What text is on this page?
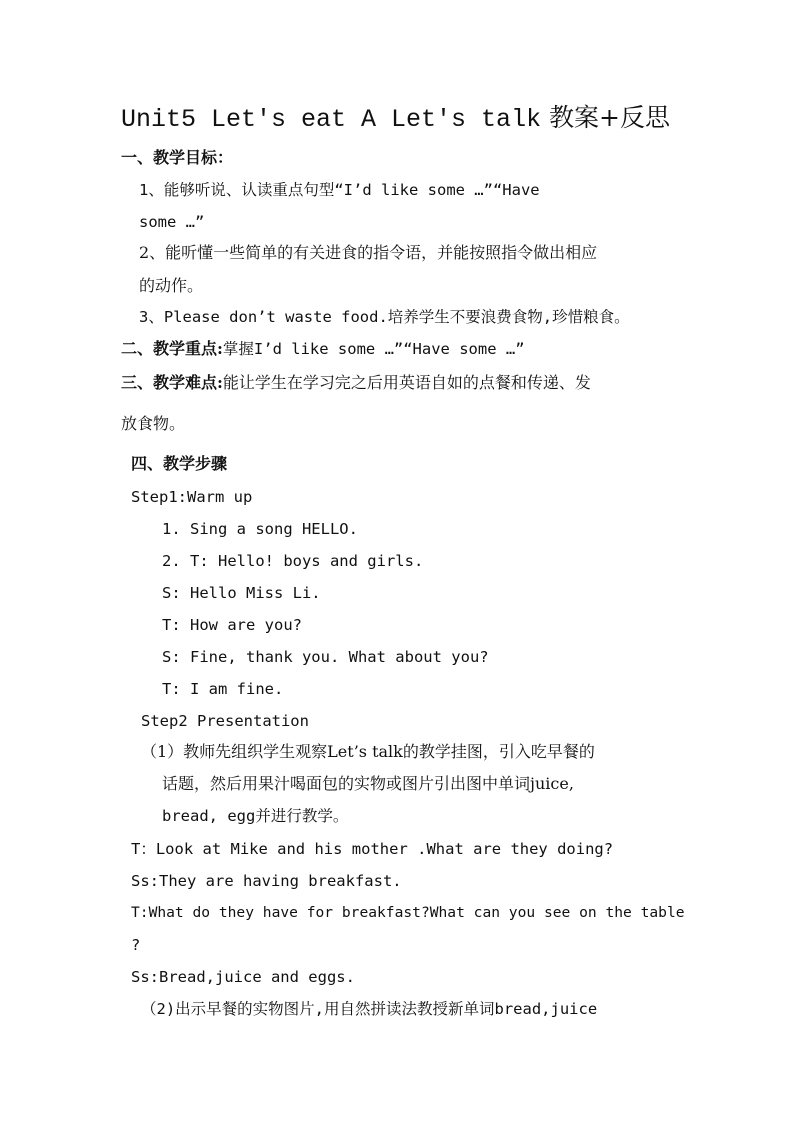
Unit5 Let's eat A Let's talk 教案+反思
一、教学目标：
1、能够听说、认读重点句型“I’d like some …”“Have
some …”
2、能听懂一些简单的有关进食的指令语，并能按照指令做出相应
的动作。
3、Please don’t waste food.培养学生不要浪费食物,珍惜粮食。
二、教学重点:掌握I’d like some …”“Have some …”
三、教学难点:能让学生在学习完之后用英语自如的点餐和传递、发
放食物。
四、教学步骤
Step1:Warm up
1. Sing a song HELLO.
2. T: Hello! boys and girls.
S: Hello Miss Li.
T: How are you?
S: Fine, thank you. What about you?
T: I am fine.
Step2 Presentation
（1）教师先组织学生观察Let’s talk的教学挂图，引入吃早餐的
话题，然后用果汁喝面包的实物或图片引出图中单词juice,
bread, egg并进行教学。
T：Look at Mike and his mother .What are they doing?
Ss:They are having breakfast.
T:What do they have for breakfast?What can you see on the table
?
Ss:Bread,juice and eggs.
（2)出示早餐的实物图片,用自然拼读法教授新单词bread,juice
